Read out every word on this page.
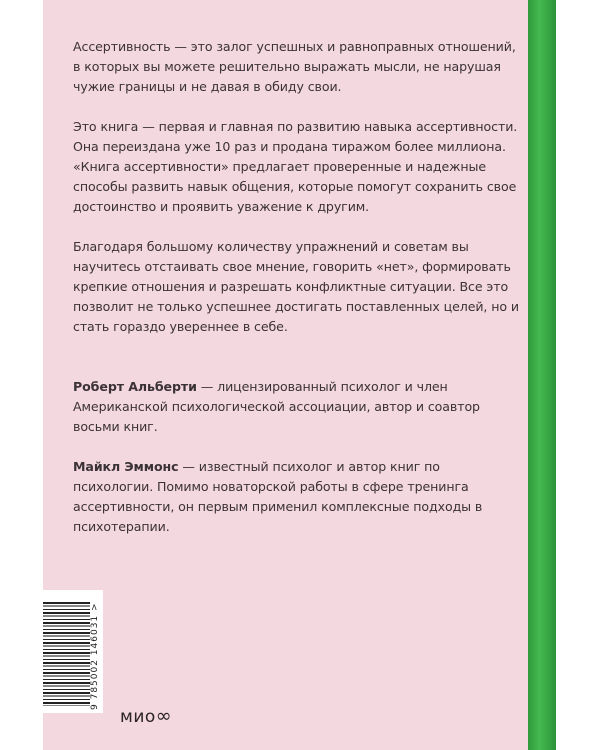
Ассертивность — это залог успешных и равноправных отношений, в которых вы можете решительно выражать мысли, не нарушая чужие границы и не давая в обиду свои.

Это книга — первая и главная по развитию навыка ассертивности. Она переиздана уже 10 раз и продана тиражом более миллиона. «Книга ассертивности» предлагает проверенные и надежные способы развить навык общения, которые помогут сохранить свое достоинство и проявить уважение к другим.

Благодаря большому количеству упражнений и советам вы научитесь отстаивать свое мнение, говорить «нет», формировать крепкие отношения и разрешать конфликтные ситуации. Все это позволит не только успешнее достигать поставленных целей, но и стать гораздо увереннее в себе.

Роберт Альберти — лицензированный психолог и член Американской психологической ассоциации, автор и соавтор восьми книг.

Майкл Эммонс — известный психолог и автор книг по психологии. Помимо новаторской работы в сфере тренинга ассертивности, он первым применил комплексные подходы в психотерапии.

9 785002 146031 >
мио∞
